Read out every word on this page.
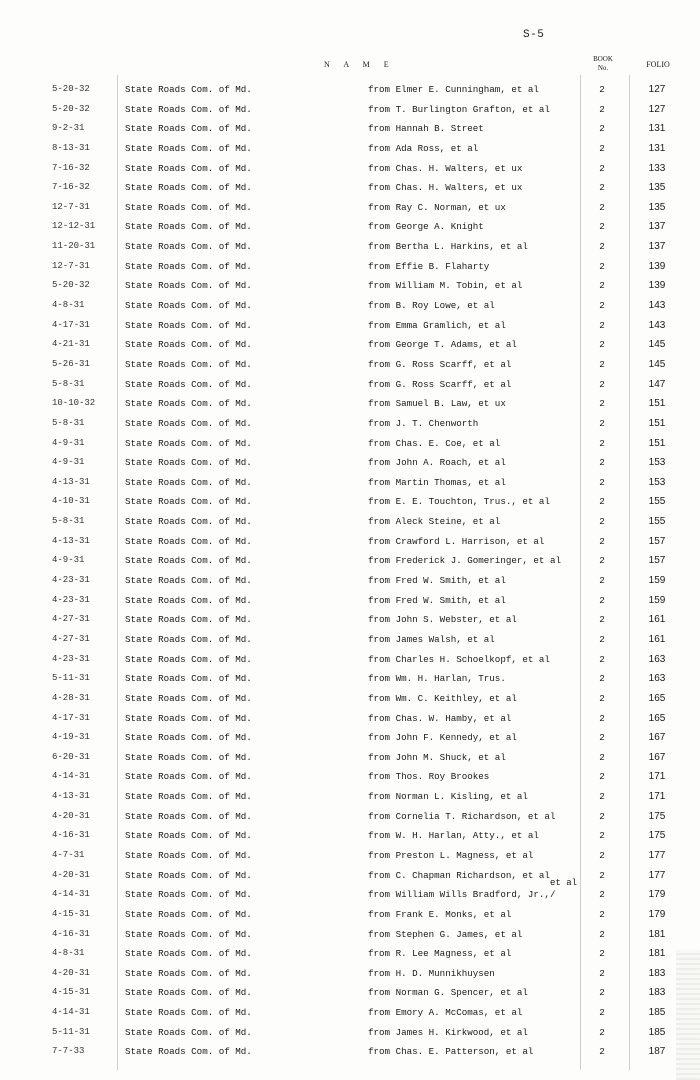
S-5
N A M E
BOOK
No.	FOLIO
5-20-32	State Roads Com. of Md.	from Elmer E. Cunningham, et al	2	127
5-20-32	State Roads Com. of Md.	from T. Burlington Grafton, et al	2	127
9-2-31	State Roads Com. of Md.	from Hannah B. Street	2	131
8-13-31	State Roads Com. of Md.	from Ada Ross, et al	2	131
7-16-32	State Roads Com. of Md.	from Chas. H. Walters, et ux	2	133
7-16-32	State Roads Com. of Md.	from Chas. H. Walters, et ux	2	135
12-7-31	State Roads Com. of Md.	from Ray C. Norman, et ux	2	135
12-12-31	State Roads Com. of Md.	from George A. Knight	2	137
11-20-31	State Roads Com. of Md.	from Bertha L. Harkins, et al	2	137
12-7-31	State Roads Com. of Md.	from Effie B. Flaharty	2	139
5-20-32	State Roads Com. of Md.	from William M. Tobin, et al	2	139
4-8-31	State Roads Com. of Md.	from B. Roy Lowe, et al	2	143
4-17-31	State Roads Com. of Md.	from Emma Gramlich, et al	2	143
4-21-31	State Roads Com. of Md.	from George T. Adams, et al	2	145
5-26-31	State Roads Com. of Md.	from G. Ross Scarff, et al	2	145
5-8-31	State Roads Com. of Md.	from G. Ross Scarff, et al	2	147
10-10-32	State Roads Com. of Md.	from Samuel B. Law, et ux	2	151
5-8-31	State Roads Com. of Md.	from J. T. Chenworth	2	151
4-9-31	State Roads Com. of Md.	from Chas. E. Coe, et al	2	151
4-9-31	State Roads Com. of Md.	from John A. Roach, et al	2	153
4-13-31	State Roads Com. of Md.	from Martin Thomas, et al	2	153
4-10-31	State Roads Com. of Md.	from E. E. Touchton, Trus., et al	2	155
5-8-31	State Roads Com. of Md.	from Aleck Steine, et al	2	155
4-13-31	State Roads Com. of Md.	from Crawford L. Harrison, et al	2	157
4-9-31	State Roads Com. of Md.	from Frederick J. Gomeringer, et al	2	157
4-23-31	State Roads Com. of Md.	from Fred W. Smith, et al	2	159
4-23-31	State Roads Com. of Md.	from Fred W. Smith, et al	2	159
4-27-31	State Roads Com. of Md.	from John S. Webster, et al	2	161
4-27-31	State Roads Com. of Md.	from James Walsh, et al	2	161
4-23-31	State Roads Com. of Md.	from Charles H. Schoelkopf, et al	2	163
5-11-31	State Roads Com. of Md.	from Wm. H. Harlan, Trus.	2	163
4-28-31	State Roads Com. of Md.	from Wm. C. Keithley, et al	2	165
4-17-31	State Roads Com. of Md.	from Chas. W. Hamby, et al	2	165
4-19-31	State Roads Com. of Md.	from John F. Kennedy, et al	2	167
6-20-31	State Roads Com. of Md.	from John M. Shuck, et al	2	167
4-14-31	State Roads Com. of Md.	from Thos. Roy Brookes	2	171
4-13-31	State Roads Com. of Md.	from Norman L. Kisling, et al	2	171
4-20-31	State Roads Com. of Md.	from Cornelia T. Richardson, et al	2	175
4-16-31	State Roads Com. of Md.	from W. H. Harlan, Atty., et al	2	175
4-7-31	State Roads Com. of Md.	from Preston L. Magness, et al	2	177
4-20-31	State Roads Com. of Md.	from C. Chapman Richardson, et al	2	177
4-14-31	State Roads Com. of Md.	from William Wills Bradford, Jr.,/	2	179
et al
4-15-31	State Roads Com. of Md.	from Frank E. Monks, et al	2	179
4-16-31	State Roads Com. of Md.	from Stephen G. James, et al	2	181
4-8-31	State Roads Com. of Md.	from R. Lee Magness, et al	2	181
4-20-31	State Roads Com. of Md.	from H. D. Munnikhuysen	2	183
4-15-31	State Roads Com. of Md.	from Norman G. Spencer, et al	2	183
4-14-31	State Roads Com. of Md.	from Emory A. McComas, et al	2	185
5-11-31	State Roads Com. of Md.	from James H. Kirkwood, et al	2	185
7-7-33	State Roads Com. of Md.	from Chas. E. Patterson, et al	2	187
